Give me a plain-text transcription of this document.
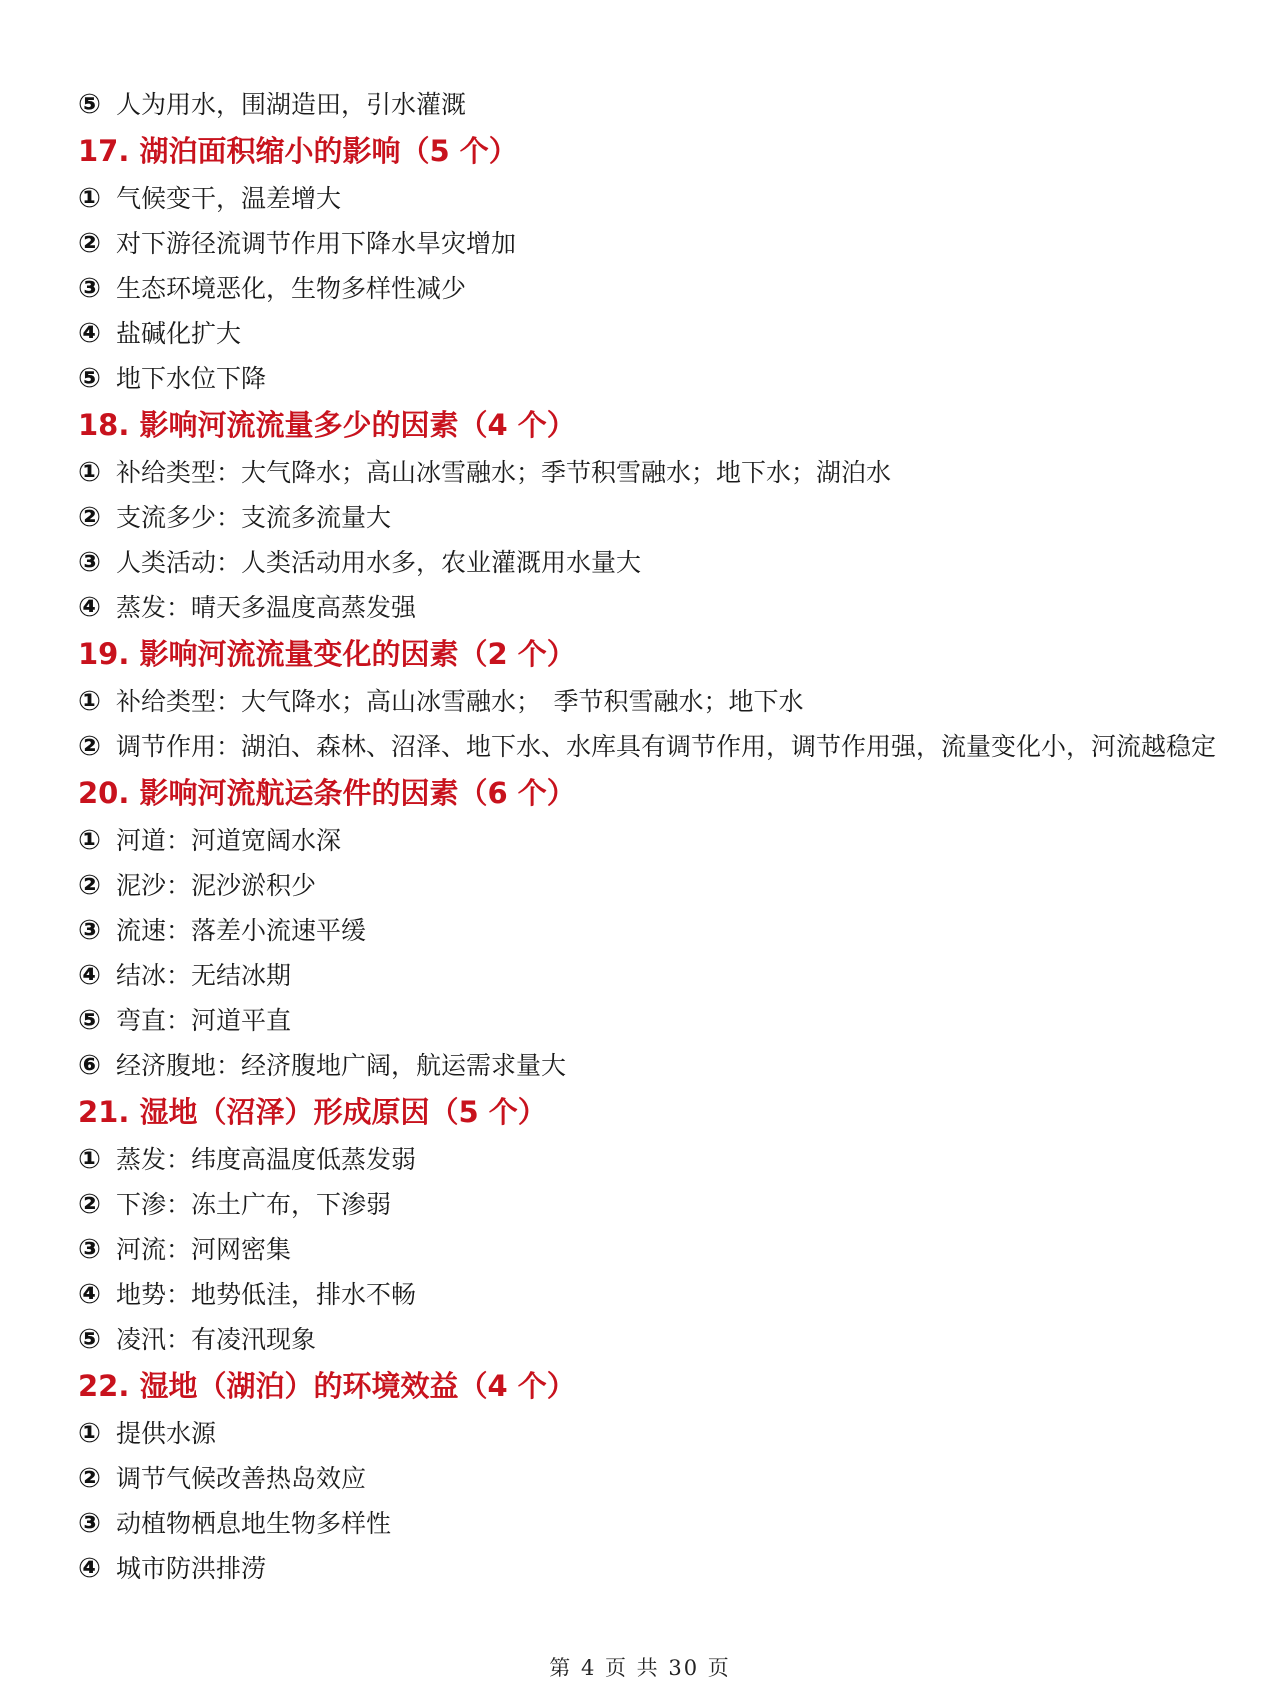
⑤ 人为用水，围湖造田，引水灌溉
17. 湖泊面积缩小的影响（5 个）
① 气候变干，温差增大
② 对下游径流调节作用下降水旱灾增加
③ 生态环境恶化，生物多样性减少
④ 盐碱化扩大
⑤ 地下水位下降
18. 影响河流流量多少的因素（4 个）
① 补给类型：大气降水；高山冰雪融水；季节积雪融水；地下水；湖泊水
② 支流多少：支流多流量大
③ 人类活动：人类活动用水多，农业灌溉用水量大
④ 蒸发：晴天多温度高蒸发强
19. 影响河流流量变化的因素（2 个）
① 补给类型：大气降水；高山冰雪融水；　季节积雪融水；地下水
② 调节作用：湖泊、森林、沼泽、地下水、水库具有调节作用，调节作用强，流量变化小，河流越稳定
20. 影响河流航运条件的因素（6 个）
① 河道：河道宽阔水深
② 泥沙：泥沙淤积少
③ 流速：落差小流速平缓
④ 结冰：无结冰期
⑤ 弯直：河道平直
⑥ 经济腹地：经济腹地广阔，航运需求量大
21. 湿地（沼泽）形成原因（5 个）
① 蒸发：纬度高温度低蒸发弱
② 下渗：冻土广布，下渗弱
③ 河流：河网密集
④ 地势：地势低洼，排水不畅
⑤ 凌汛：有凌汛现象
22. 湿地（湖泊）的环境效益（4 个）
① 提供水源
② 调节气候改善热岛效应
③ 动植物栖息地生物多样性
④ 城市防洪排涝
第 4 页 共 30 页
